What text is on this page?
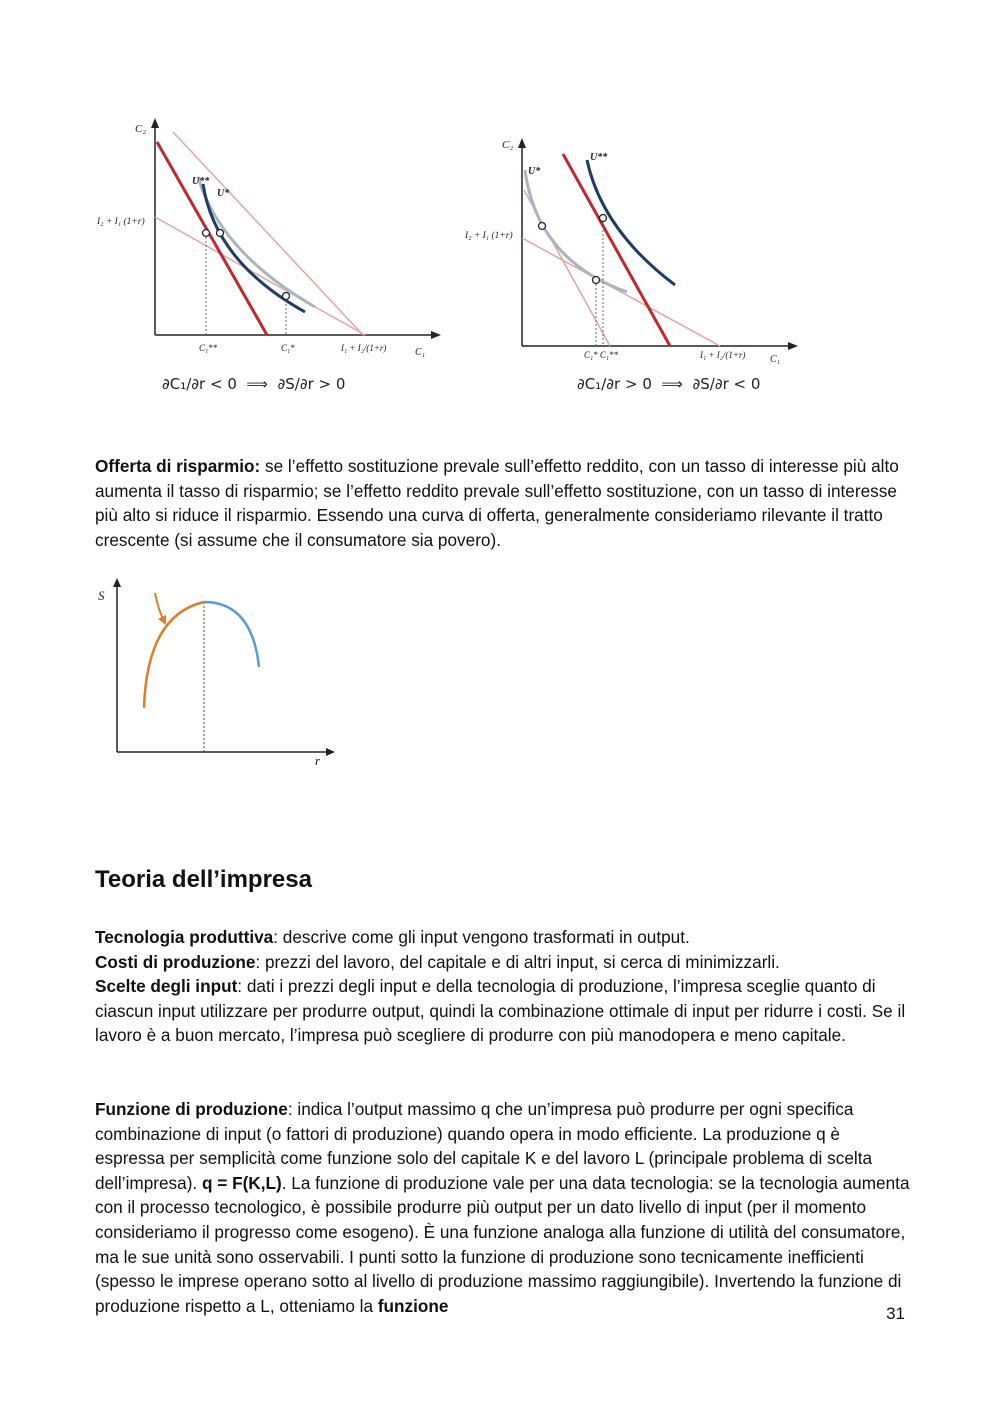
C₂
I₂ + I₁ (1+r)
U**
U*
C₁**	C₁*	I₁ + I₂/(1+r)	C₁
∂C₁/∂r < 0 ⟹ ∂S/∂r > 0
C₂
I₂ + I₁ (1+r)
U*
U**
C₁* C₁**	I₁ + I₂/(1+r) C₁
∂C₁/∂r > 0 ⟹ ∂S/∂r < 0

Offerta di risparmio: se l’effetto sostituzione prevale sull’effetto reddito, con un tasso di interesse più alto aumenta il tasso di risparmio; se l’effetto reddito prevale sull’effetto sostituzione, con un tasso di interesse più alto si riduce il risparmio. Essendo una curva di offerta, generalmente consideriamo rilevante il tratto crescente (si assume che il consumatore sia povero).

S
r
Teoria dell’impresa

Tecnologia produttiva: descrive come gli input vengono trasformati in output.

Costi di produzione: prezzi del lavoro, del capitale e di altri input, si cerca di minimizzarli.

Scelte degli input: dati i prezzi degli input e della tecnologia di produzione, l’impresa sceglie quanto di ciascun input utilizzare per produrre output, quindi la combinazione ottimale di input per ridurre i costi. Se il lavoro è a buon mercato, l’impresa può scegliere di produrre con più manodopera e meno capitale.

Funzione di produzione: indica l’output massimo q che un’impresa può produrre per ogni specifica combinazione di input (o fattori di produzione) quando opera in modo efficiente. La produzione q è espressa per semplicità come funzione solo del capitale K e del lavoro L (principale problema di scelta dell’impresa). q = F(K,L). La funzione di produzione vale per una data tecnologia: se la tecnologia aumenta con il processo tecnologico, è possibile produrre più output per un dato livello di input (per il momento consideriamo il progresso come esogeno). È una funzione analoga alla funzione di utilità del consumatore, ma le sue unità sono osservabili. I punti sotto la funzione di produzione sono tecnicamente inefficienti (spesso le imprese operano sotto al livello di produzione massimo raggiungibile). Invertendo la funzione di produzione rispetto a L, otteniamo la funzione	31
